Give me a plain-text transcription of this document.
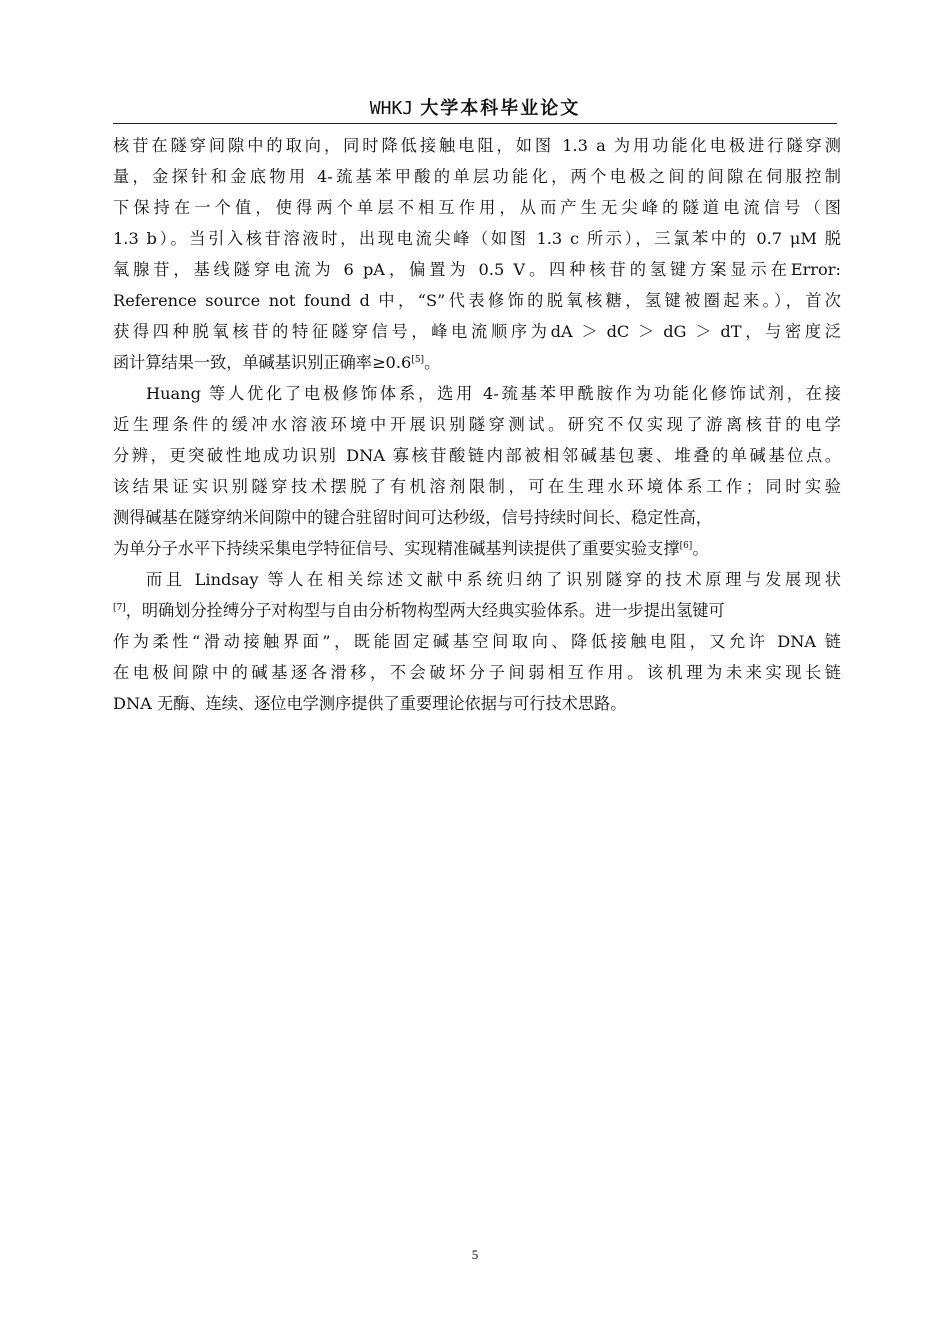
WHKJ 大学本科毕业论文
核苷在隧穿间隙中的取向，同时降低接触电阻，如图 1.3 a 为用功能化电极进行隧穿测
量，金探针和金底物用 4-巯基苯甲酸的单层功能化，两个电极之间的间隙在伺服控制
下保持在一个值，使得两个单层不相互作用，从而产生无尖峰的隧道电流信号（图
1.3 b）。当引入核苷溶液时，出现电流尖峰（如图 1.3 c 所示），三氯苯中的 0.7 μM 脱
氧腺苷，基线隧穿电流为 6 pA，偏置为 0.5 V。四种核苷的氢键方案显示在Error:
Reference source not found d 中，“S”代表修饰的脱氧核糖，氢键被圈起来。），首次
获得四种脱氧核苷的特征隧穿信号，峰电流顺序为dA ＞ dC ＞ dG ＞ dT，与密度泛
函计算结果一致，单碱基识别正确率≥0.6[5]。
Huang 等人优化了电极修饰体系，选用 4-巯基苯甲酰胺作为功能化修饰试剂，在接
近生理条件的缓冲水溶液环境中开展识别隧穿测试。研究不仅实现了游离核苷的电学
分辨，更突破性地成功识别 DNA 寡核苷酸链内部被相邻碱基包裹、堆叠的单碱基位点。
该结果证实识别隧穿技术摆脱了有机溶剂限制，可在生理水环境体系工作；同时实验
测得碱基在隧穿纳米间隙中的键合驻留时间可达秒级，信号持续时间长、稳定性高，
为单分子水平下持续采集电学特征信号、实现精准碱基判读提供了重要实验支撑[6]。
而且 Lindsay 等人在相关综述文献中系统归纳了识别隧穿的技术原理与发展现状
[7]，明确划分拴缚分子对构型与自由分析物构型两大经典实验体系。进一步提出氢键可
作为柔性“滑动接触界面”，既能固定碱基空间取向、降低接触电阻，又允许 DNA 链
在电极间隙中的碱基逐各滑移，不会破坏分子间弱相互作用。该机理为未来实现长链
DNA 无酶、连续、逐位电学测序提供了重要理论依据与可行技术思路。
5
